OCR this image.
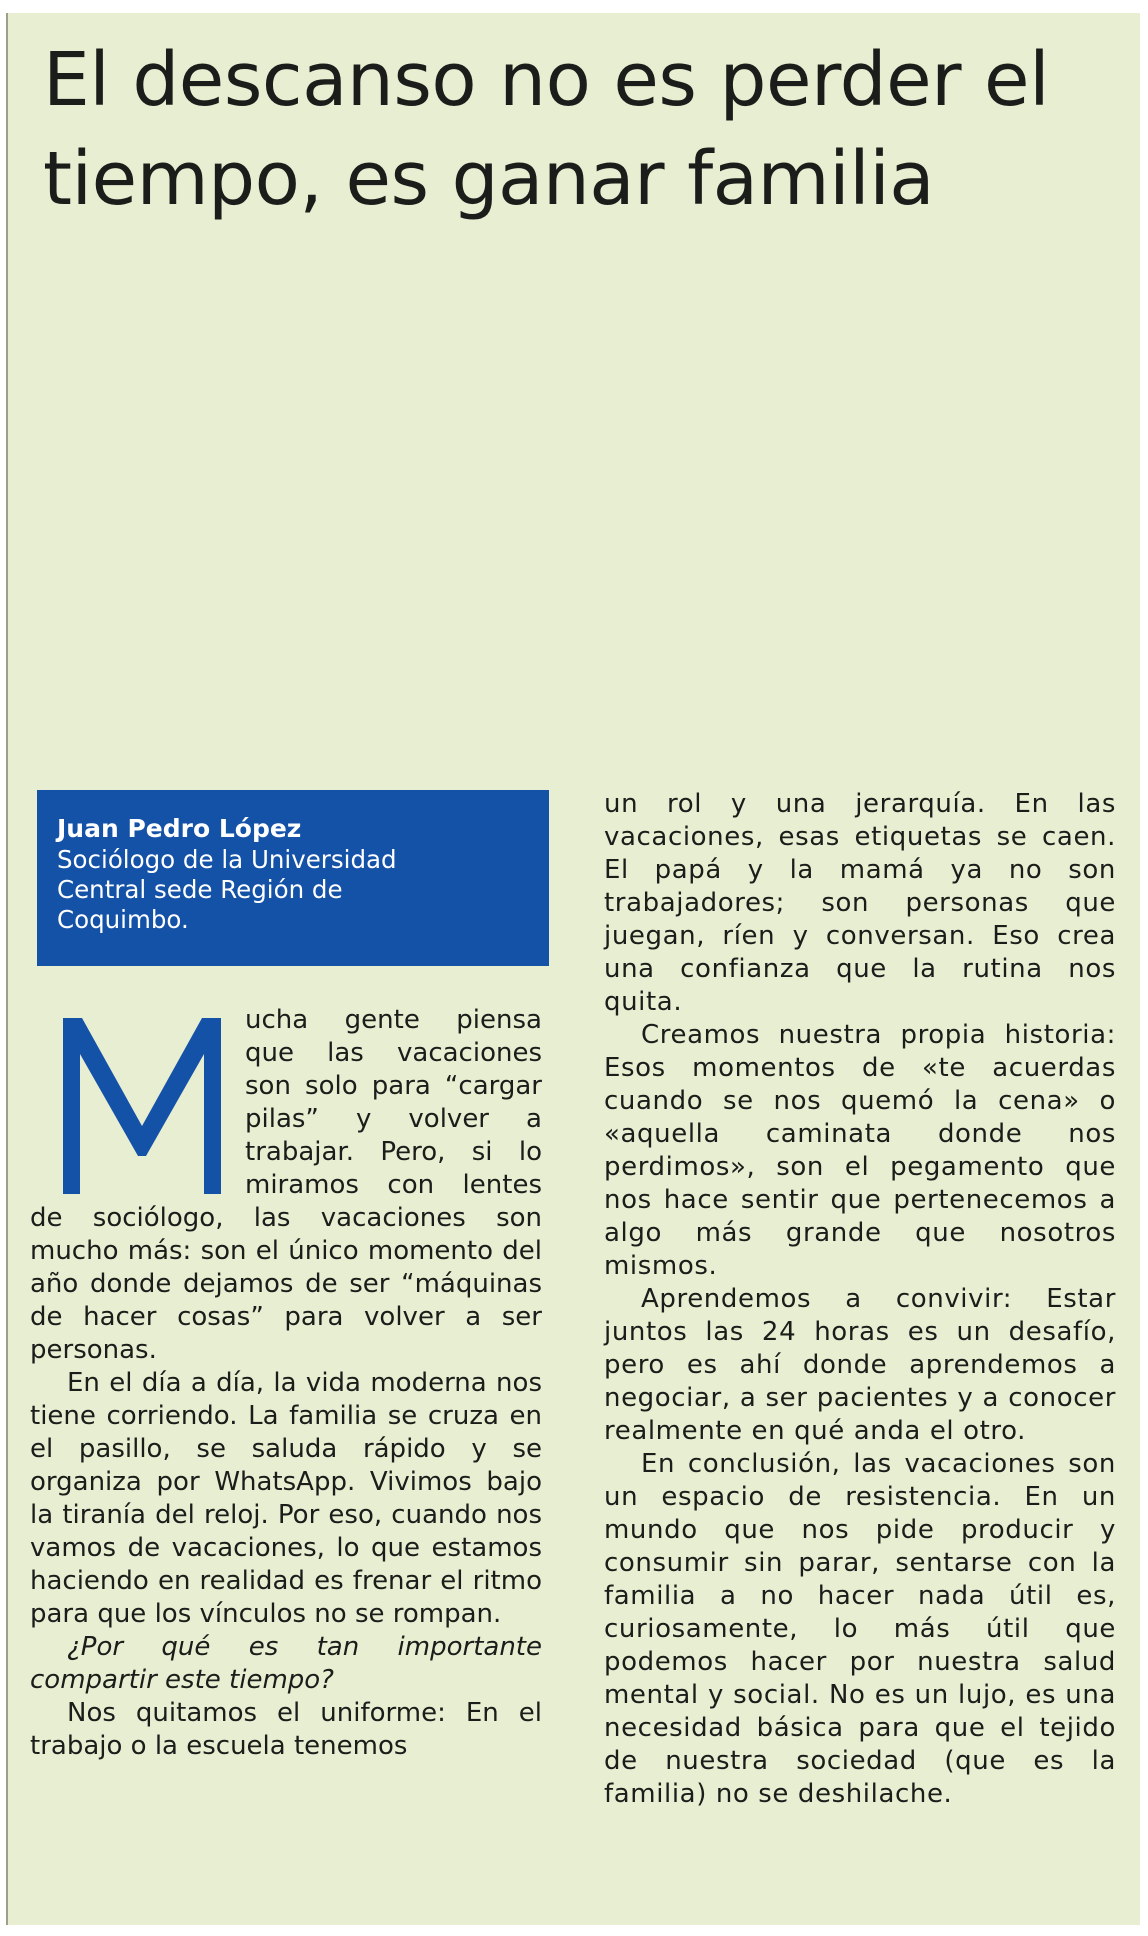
El descanso no es perder el tiempo, es ganar familia
Juan Pedro López
Sociólogo de la Universidad Central sede Región de Coquimbo.

ucha gente piensa que las vacaciones son solo para “cargar pilas” y volver a trabajar. Pero, si lo miramos con lentes de sociólogo, las vacaciones son mucho más: son el único momento del año donde dejamos de ser “máquinas de hacer cosas” para volver a ser personas.

En el día a día, la vida moderna nos tiene corriendo. La familia se cruza en el pasillo, se saluda rápido y se organiza por WhatsApp. Vivimos bajo la tiranía del reloj. Por eso, cuando nos vamos de vacaciones, lo que estamos haciendo en realidad es frenar el ritmo para que los vínculos no se rompan.

¿Por qué es tan importante compartir este tiempo?

Nos quitamos el uniforme: En el trabajo o la escuela tenemos

un rol y una jerarquía. En las vacaciones, esas etiquetas se caen. El papá y la mamá ya no son trabajadores; son personas que juegan, ríen y conversan. Eso crea una confianza que la rutina nos quita.

Creamos nuestra propia historia: Esos momentos de «te acuerdas cuando se nos quemó la cena» o «aquella caminata donde nos perdimos», son el pegamento que nos hace sentir que pertenecemos a algo más grande que nosotros mismos.

Aprendemos a convivir: Estar juntos las 24 horas es un desafío, pero es ahí donde aprendemos a negociar, a ser pacientes y a conocer realmente en qué anda el otro.

En conclusión, las vacaciones son un espacio de resistencia. En un mundo que nos pide producir y consumir sin parar, sentarse con la familia a no hacer nada útil es, curiosamente, lo más útil que podemos hacer por nuestra salud mental y social. No es un lujo, es una necesidad básica para que el tejido de nuestra sociedad (que es la familia) no se deshilache.
